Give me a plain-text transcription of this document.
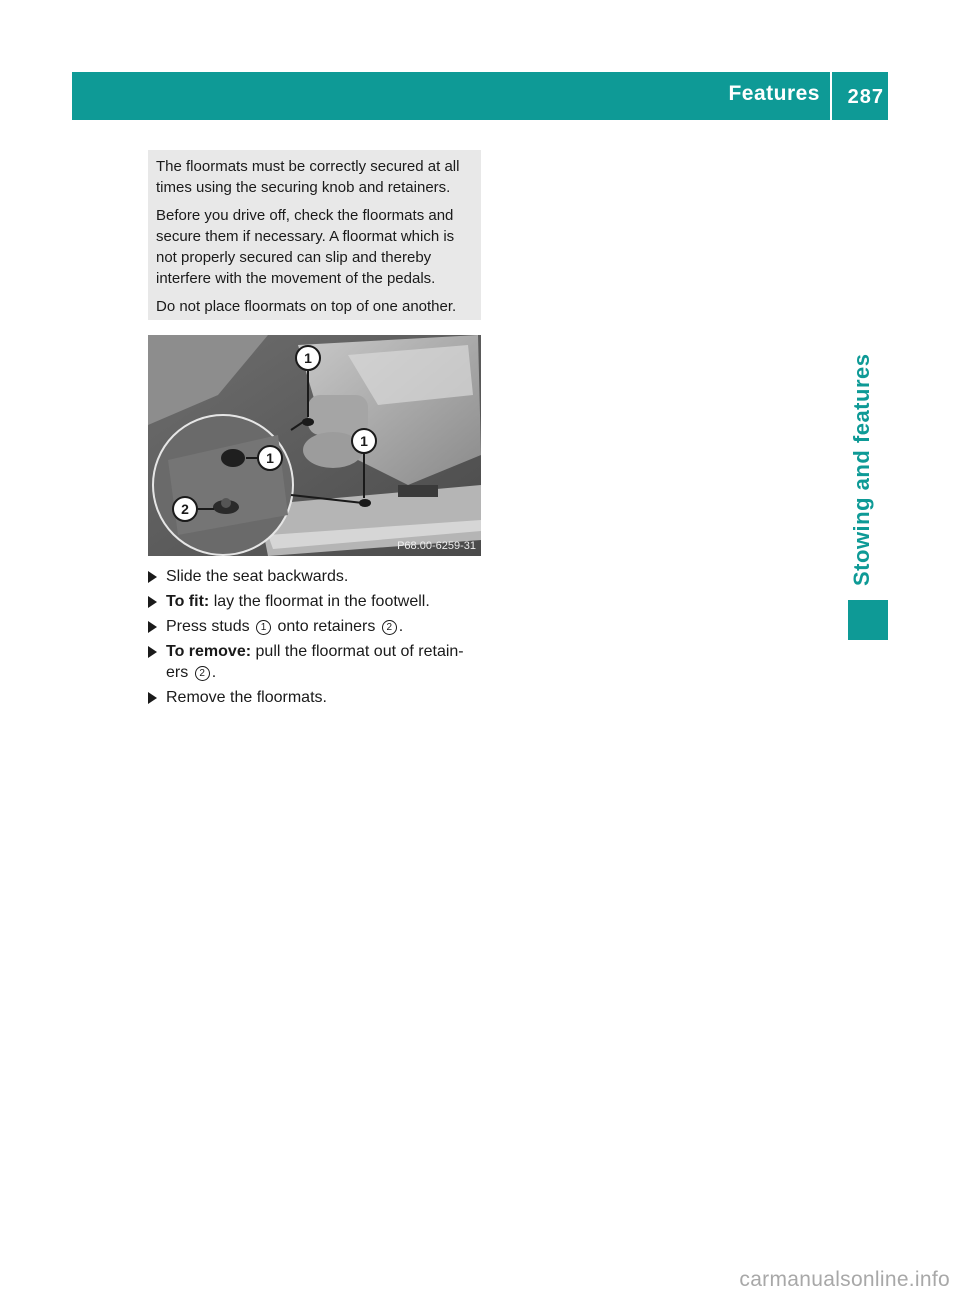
Features 287
Stowing and features

The floormats must be correctly secured at all times using the securing knob and retainers.

Before you drive off, check the floormats and secure them if necessary. A floormat which is not properly secured can slip and thereby interfere with the movement of the pedals.

Do not place floormats on top of one another.

1
1
1
2
P68.00-6259-31
Slide the seat backwards.
To fit: lay the floormat in the footwell.
Press studs 1 onto retainers 2 .
To remove: pull the floormat out of retain- ers 2 .
Remove the floormats.
carmanualsonline.info
